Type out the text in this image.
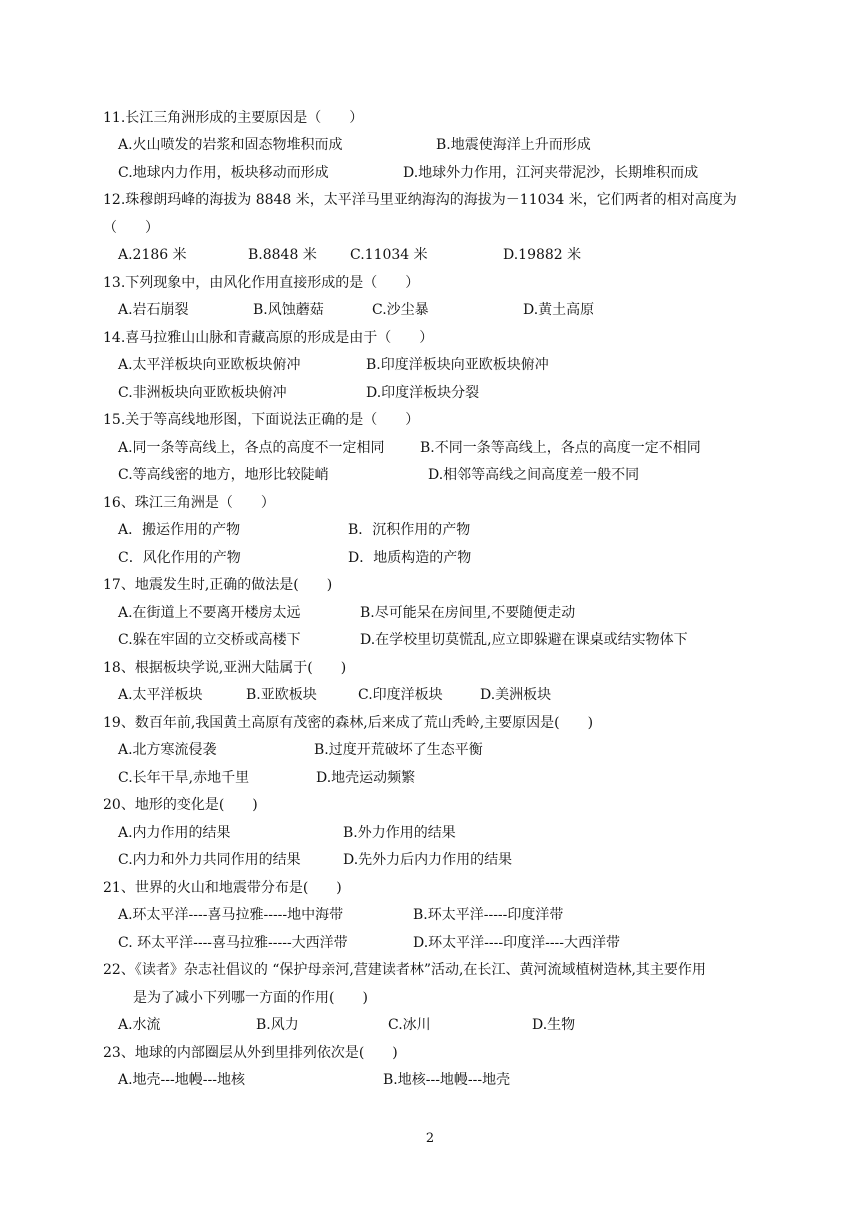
11.长江三角洲形成的主要原因是（　　）
A.火山喷发的岩浆和固态物堆积而成	B.地震使海洋上升而形成
C.地球内力作用，板块移动而形成	D.地球外力作用，江河夹带泥沙，长期堆积而成
12.珠穆朗玛峰的海拔为 8848 米，太平洋马里亚纳海沟的海拔为－11034 米，它们两者的相对高度为
（　　）
A.2186 米	B.8848 米 C.11034 米	D.19882 米
13.下列现象中，由风化作用直接形成的是（　　）
A.岩石崩裂	B.风蚀蘑菇	C.沙尘暴	D.黄土高原
14.喜马拉雅山山脉和青藏高原的形成是由于（　　）
A.太平洋板块向亚欧板块俯冲	B.印度洋板块向亚欧板块俯冲
C.非洲板块向亚欧板块俯冲	D.印度洋板块分裂
15.关于等高线地形图，下面说法正确的是（　　）
A.同一条等高线上，各点的高度不一定相同	B.不同一条等高线上，各点的高度一定不相同
C.等高线密的地方，地形比较陡峭	D.相邻等高线之间高度差一般不同
16、珠江三角洲是（　　）
A．搬运作用的产物	B．沉积作用的产物
C．风化作用的产物	D．地质构造的产物
17、地震发生时,正确的做法是(　　)
A.在街道上不要离开楼房太远	B.尽可能呆在房间里,不要随便走动
C.躲在牢固的立交桥或高楼下	D.在学校里切莫慌乱,应立即躲避在课桌或结实物体下
18、根据板块学说,亚洲大陆属于(　　)
A.太平洋板块	B.亚欧板块	C.印度洋板块	D.美洲板块
19、数百年前,我国黄土高原有茂密的森林,后来成了荒山秃岭,主要原因是(　　)
A.北方寒流侵袭	B.过度开荒破坏了生态平衡
C.长年干旱,赤地千里	D.地壳运动频繁
20、地形的变化是(　　)
A.内力作用的结果	B.外力作用的结果
C.内力和外力共同作用的结果	D.先外力后内力作用的结果
21、世界的火山和地震带分布是(　　)
A.环太平洋----喜马拉雅-----地中海带	B.环太平洋-----印度洋带
C. 环太平洋----喜马拉雅-----大西洋带	D.环太平洋----印度洋----大西洋带
22、《读者》杂志社倡议的 “保护母亲河,营建读者林”活动,在长江、黄河流域植树造林,其主要作用
是为了减小下列哪一方面的作用(　　)
A.水流	B.风力	C.冰川	D.生物
23、地球的内部圈层从外到里排列依次是(　　)
A.地壳---地幔---地核	B.地核---地幔---地壳
2
